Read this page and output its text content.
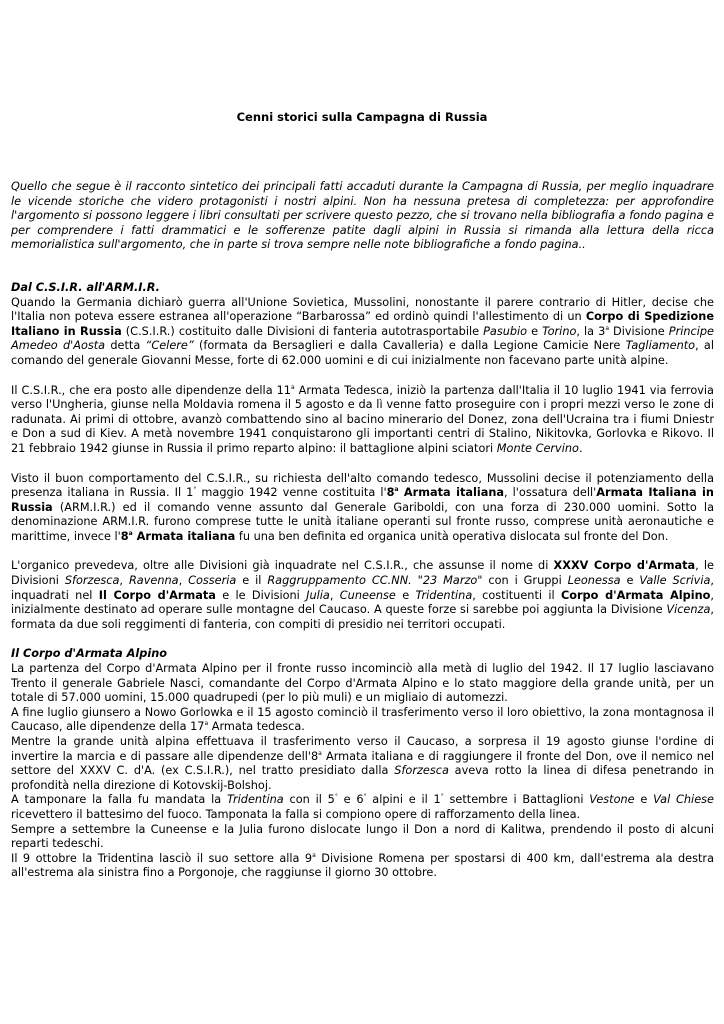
Cenni storici sulla Campagna di Russia

Quello che segue è il racconto sintetico dei principali fatti accaduti durante la Campagna di Russia, per meglio inquadrare le vicende storiche che videro protagonisti i nostri alpini. Non ha nessuna pretesa di completezza: per approfondire l'argomento si possono leggere i libri consultati per scrivere questo pezzo, che si trovano nella bibliografia a fondo pagina e per comprendere i fatti drammatici e le sofferenze patite dagli alpini in Russia si rimanda alla lettura della ricca memorialistica sull'argomento, che in parte si trova sempre nelle note bibliografiche a fondo pagina..

Dal C.S.I.R. all'ARM.I.R.

Quando la Germania dichiarò guerra all'Unione Sovietica, Mussolini, nonostante il parere contrario di Hitler, decise che l'Italia non poteva essere estranea all'operazione “Barbarossa” ed ordinò quindi l'allestimento di un Corpo di Spedizione Italiano in Russia (C.S.I.R.) costituito dalle Divisioni di fanteria autotrasportabile Pasubio e Torino, la 3$^a$ Divisione Principe Amedeo d'Aosta detta “Celere” (formata da Bersaglieri e dalla Cavalleria) e dalla Legione Camicie Nere Tagliamento, al comando del generale Giovanni Messe, forte di 62.000 uomini e di cui inizialmente non facevano parte unità alpine.

Il C.S.I.R., che era posto alle dipendenze della 11$^a$ Armata Tedesca, iniziò la partenza dall'Italia il 10 luglio 1941 via ferrovia verso l'Ungheria, giunse nella Moldavia romena il 5 agosto e da lì venne fatto proseguire con i propri mezzi verso le zone di radunata. Ai primi di ottobre, avanzò combattendo sino al bacino minerario del Donez, zona dell'Ucraina tra i fiumi Dniestr e Don a sud di Kiev. A metà novembre 1941 conquistarono gli importanti centri di Stalino, Nikitovka, Gorlovka e Rikovo. Il 21 febbraio 1942 giunse in Russia il primo reparto alpino: il battaglione alpini sciatori Monte Cervino.

Visto il buon comportamento del C.S.I.R., su richiesta dell'alto comando tedesco, Mussolini decise il potenziamento della presenza italiana in Russia. Il 1° maggio 1942 venne costituita l'8$^a$ Armata italiana, l'ossatura dell'Armata Italiana in Russia (ARM.I.R.) ed il comando venne assunto dal Generale Gariboldi, con una forza di 230.000 uomini. Sotto la denominazione ARM.I.R. furono comprese tutte le unità italiane operanti sul fronte russo, comprese unità aeronautiche e marittime, invece l'8$^a$ Armata italiana fu una ben definita ed organica unità operativa dislocata sul fronte del Don.

L'organico prevedeva, oltre alle Divisioni già inquadrate nel C.S.I.R., che assunse il nome di XXXV Corpo d'Armata, le Divisioni Sforzesca, Ravenna, Cosseria e il Raggruppamento CC.NN. "23 Marzo" con i Gruppi Leonessa e Valle Scrivia, inquadrati nel Il Corpo d'Armata e le Divisioni Julia, Cuneense e Tridentina, costituenti il Corpo d'Armata Alpino, inizialmente destinato ad operare sulle montagne del Caucaso. A queste forze si sarebbe poi aggiunta la Divisione Vicenza, formata da due soli reggimenti di fanteria, con compiti di presidio nei territori occupati.

Il Corpo d'Armata Alpino

La partenza del Corpo d'Armata Alpino per il fronte russo incominciò alla metà di luglio del 1942. Il 17 luglio lasciavano Trento il generale Gabriele Nasci, comandante del Corpo d'Armata Alpino e lo stato maggiore della grande unità, per un totale di 57.000 uomini, 15.000 quadrupedi (per lo più muli) e un migliaio di automezzi.

A fine luglio giunsero a Nowo Gorlowka e il 15 agosto cominciò il trasferimento verso il loro obiettivo, la zona montagnosa il Caucaso, alle dipendenze della 17$^a$ Armata tedesca.

Mentre la grande unità alpina effettuava il trasferimento verso il Caucaso, a sorpresa il 19 agosto giunse l'ordine di invertire la marcia e di passare alle dipendenze dell'8$^a$ Armata italiana e di raggiungere il fronte del Don, ove il nemico nel settore del XXXV C. d'A. (ex C.S.I.R.), nel tratto presidiato dalla Sforzesca aveva rotto la linea di difesa penetrando in profondità nella direzione di Kotovskij-Bolshoj.

A tamponare la falla fu mandata la Tridentina con il 5° e 6° alpini e il 1° settembre i Battaglioni Vestone e Val Chiese ricevettero il battesimo del fuoco. Tamponata la falla si compiono opere di rafforzamento della linea.

Sempre a settembre la Cuneense e la Julia furono dislocate lungo il Don a nord di Kalitwa, prendendo il posto di alcuni reparti tedeschi.

Il 9 ottobre la Tridentina lasciò il suo settore alla 9$^a$ Divisione Romena per spostarsi di 400 km, dall'estrema ala destra all'estrema ala sinistra fino a Porgonoje, che raggiunse il giorno 30 ottobre.
